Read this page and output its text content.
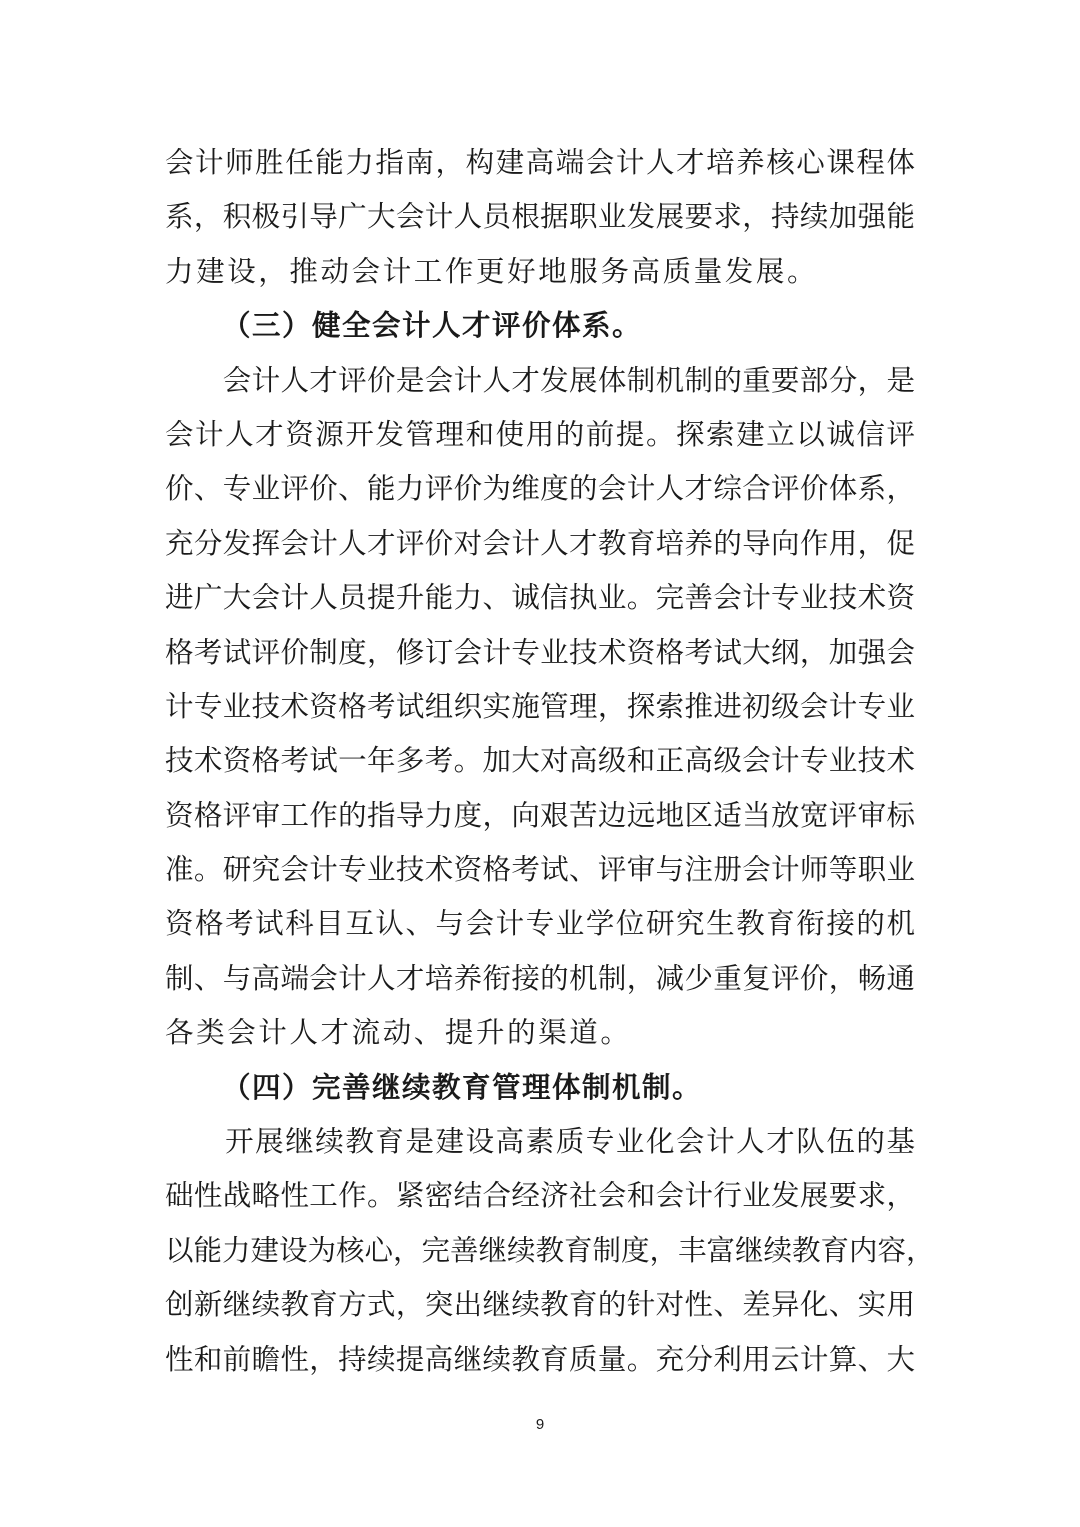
会计师胜任能力指南，构建高端会计人才培养核心课程体
系，积极引导广大会计人员根据职业发展要求，持续加强能
力建设，推动会计工作更好地服务高质量发展。
（三）健全会计人才评价体系。
　　会计人才评价是会计人才发展体制机制的重要部分，是
会计人才资源开发管理和使用的前提。探索建立以诚信评
价、专业评价、能力评价为维度的会计人才综合评价体系，
充分发挥会计人才评价对会计人才教育培养的导向作用，促
进广大会计人员提升能力、诚信执业。完善会计专业技术资
格考试评价制度，修订会计专业技术资格考试大纲，加强会
计专业技术资格考试组织实施管理，探索推进初级会计专业
技术资格考试一年多考。加大对高级和正高级会计专业技术
资格评审工作的指导力度，向艰苦边远地区适当放宽评审标
准。研究会计专业技术资格考试、评审与注册会计师等职业
资格考试科目互认、与会计专业学位研究生教育衔接的机
制、与高端会计人才培养衔接的机制，减少重复评价，畅通
各类会计人才流动、提升的渠道。
（四）完善继续教育管理体制机制。
　　开展继续教育是建设高素质专业化会计人才队伍的基
础性战略性工作。紧密结合经济社会和会计行业发展要求，
以能力建设为核心，完善继续教育制度，丰富继续教育内容，
创新继续教育方式，突出继续教育的针对性、差异化、实用
性和前瞻性，持续提高继续教育质量。充分利用云计算、大
9
